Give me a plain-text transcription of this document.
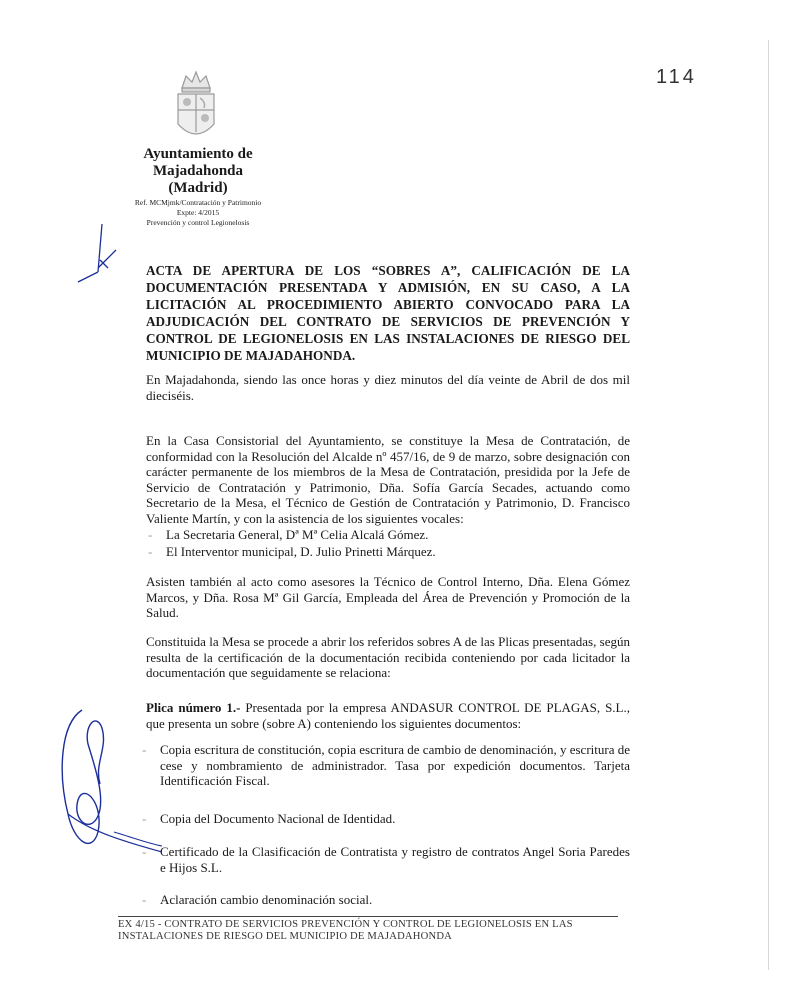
114
Ayuntamiento de
Majadahonda
(Madrid)
Ref. MCMjmk/Contratación y Patrimonio
Expte: 4/2015
Prevención y control Legionelosis
ACTA DE APERTURA DE LOS “SOBRES A”, CALIFICACIÓN DE LA DOCUMENTACIÓN PRESENTADA Y ADMISIÓN, EN SU CASO, A LA LICITACIÓN AL PROCEDIMIENTO ABIERTO CONVOCADO PARA LA ADJUDICACIÓN DEL CONTRATO DE SERVICIOS DE PREVENCIÓN Y CONTROL DE LEGIONELOSIS EN LAS INSTALACIONES DE RIESGO DEL MUNICIPIO DE MAJADAHONDA.
En Majadahonda, siendo las once horas y diez minutos del día veinte de Abril de dos mil dieciséis.
En la Casa Consistorial del Ayuntamiento, se constituye la Mesa de Contratación, de conformidad con la Resolución del Alcalde nº 457/16, de 9 de marzo, sobre designación con carácter permanente de los miembros de la Mesa de Contratación, presidida por la Jefe de Servicio de Contratación y Patrimonio, Dña. Sofía García Secades, actuando como Secretario de la Mesa, el Técnico de Gestión de Contratación y Patrimonio, D. Francisco Valiente Martín, y con la asistencia de los siguientes vocales:
- La Secretaria General, Dª Mª Celia Alcalá Gómez.
- El Interventor municipal, D. Julio Prinetti Márquez.
Asisten también al acto como asesores la Técnico de Control Interno, Dña. Elena Gómez Marcos, y Dña. Rosa Mª Gil García, Empleada del Área de Prevención y Promoción de la Salud.
Constituida la Mesa se procede a abrir los referidos sobres A de las Plicas presentadas, según resulta de la certificación de la documentación recibida conteniendo por cada licitador la documentación que seguidamente se relaciona:
Plica número 1.- Presentada por la empresa ANDASUR CONTROL DE PLAGAS, S.L., que presenta un sobre (sobre A) conteniendo los siguientes documentos:
- Copia escritura de constitución, copia escritura de cambio de denominación, y escritura de cese y nombramiento de administrador. Tasa por expedición documentos. Tarjeta Identificación Fiscal.
- Copia del Documento Nacional de Identidad.
- Certificado de la Clasificación de Contratista y registro de contratos Angel Soria Paredes e Hijos S.L.
- Aclaración cambio denominación social.
EX 4/15 - CONTRATO DE SERVICIOS PREVENCIÓN Y CONTROL DE LEGIONELOSIS EN LAS INSTALACIONES DE RIESGO DEL MUNICIPIO DE MAJADAHONDA
